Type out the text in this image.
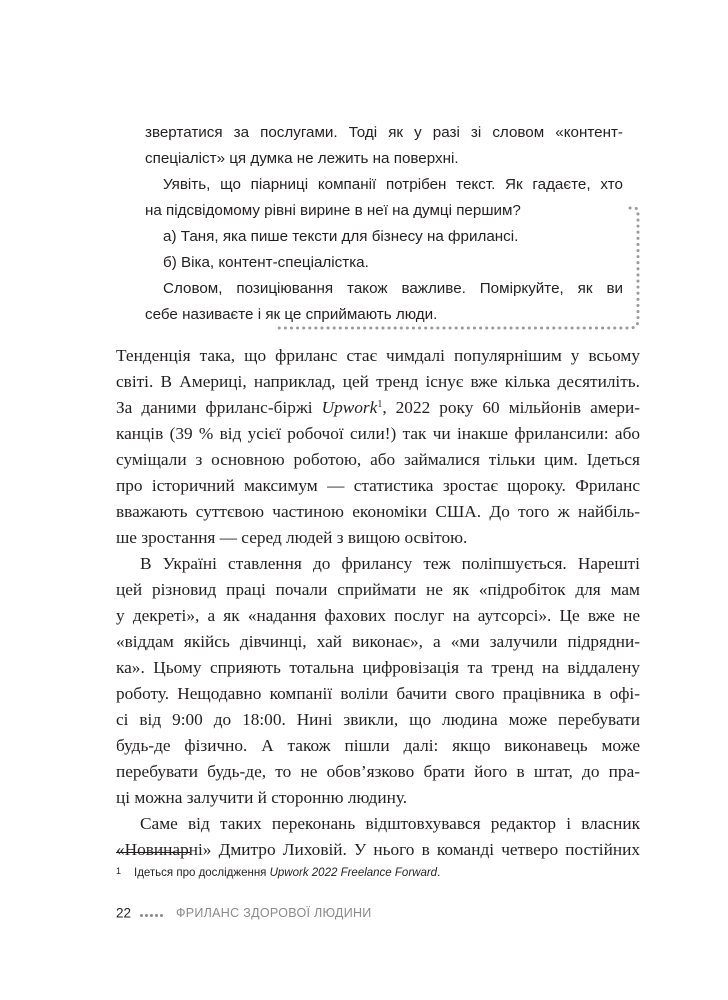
звертатися за послугами. Тоді як у разі зі словом «контент-
спеціаліст» ця думка не лежить на поверхні.
Уявіть, що піарниці компанії потрібен текст. Як гадаєте, хто
на підсвідомому рівні вирине в неї на думці першим?
а) Таня, яка пише тексти для бізнесу на фрилансі.
б) Віка, контент-спеціалістка.
Словом, позиціювання також важливе. Поміркуйте, як ви
себе називаєте і як це сприймають люди.
Тенденція така, що фриланс стає чимдалі популярнішим у всьому
світі. В Америці, наприклад, цей тренд існує вже кілька десятиліть.
За даними фриланс-біржі Upwork$^1$, 2022 року 60 мільйонів амери-
канців (39 % від усієї робочої сили!) так чи інакше фрилансили: або
суміщали з основною роботою, або займалися тільки цим. Ідеться
про історичний максимум — статистика зростає щороку. Фриланс
вважають суттєвою частиною економіки США. До того ж найбіль-
ше зростання — серед людей з вищою освітою.
В Україні ставлення до фрилансу теж поліпшується. Нарешті
цей різновид праці почали сприймати не як «підробіток для мам
у декреті», а як «надання фахових послуг на аутсорсі». Це вже не
«віддам якійсь дівчинці, хай виконає», а «ми залучили підрядни-
ка». Цьому сприяють тотальна цифровізація та тренд на віддалену
роботу. Нещодавно компанії воліли бачити свого працівника в офі-
сі від 9:00 до 18:00. Нині звикли, що людина може перебувати
будь-де фізично. А також пішли далі: якщо виконавець може
перебувати будь-де, то не обов’язково брати його в штат, до пра-
ці можна залучити й сторонню людину.
Саме від таких переконань відштовхувався редактор і власник
«Новинарні» Дмитро Лиховій. У нього в команді четверо постійних
1 Ідеться про дослідження Upwork 2022 Freelance Forward.
22	ФРИЛАНС ЗДОРОВОЇ ЛЮДИНИ
